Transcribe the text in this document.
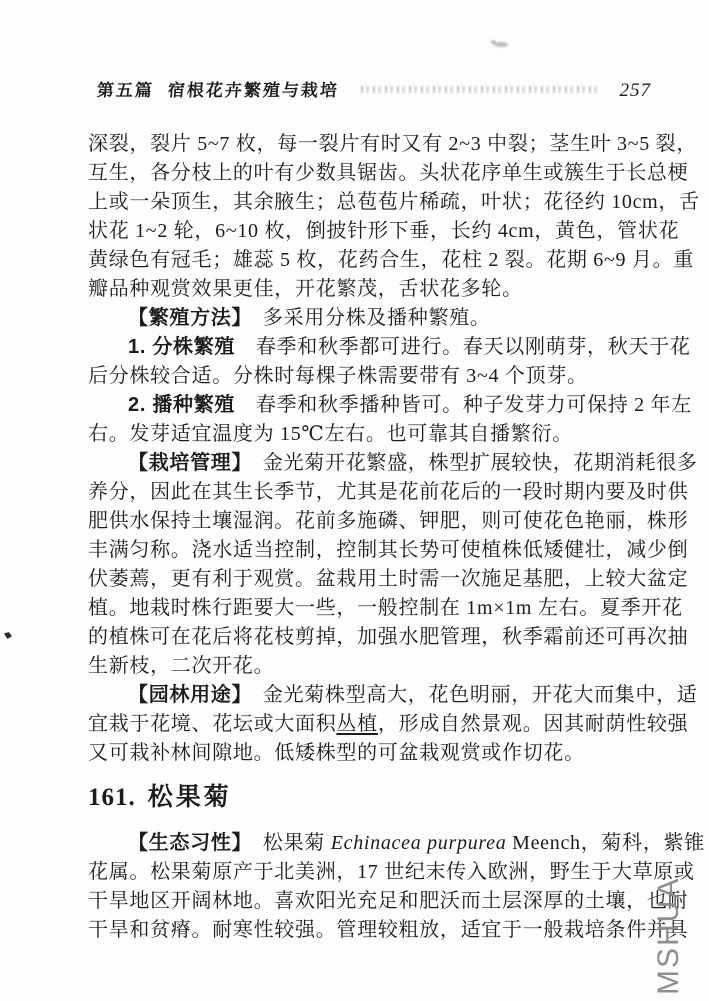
第五篇 宿根花卉繁殖与栽培	257

深裂，裂片 5~7 枚，每一裂片有时又有 2~3 中裂；茎生叶 3~5 裂，

互生，各分枝上的叶有少数具锯齿。头状花序单生或簇生于长总梗

上或一朵顶生，其余腋生；总苞苞片稀疏，叶状；花径约 10cm，舌

状花 1~2 轮，6~10 枚，倒披针形下垂，长约 4cm，黄色，管状花

黄绿色有冠毛；雄蕊 5 枚，花药合生，花柱 2 裂。花期 6~9 月。重

瓣品种观赏效果更佳，开花繁茂，舌状花多轮。

【繁殖方法】　多采用分株及播种繁殖。

1. 分株繁殖　春季和秋季都可进行。春天以刚萌芽，秋天于花

后分株较合适。分株时每棵子株需要带有 3~4 个顶芽。

2. 播种繁殖　春季和秋季播种皆可。种子发芽力可保持 2 年左

右。发芽适宜温度为 15℃左右。也可靠其自播繁衍。

【栽培管理】　金光菊开花繁盛，株型扩展较快，花期消耗很多

养分，因此在其生长季节，尤其是花前花后的一段时期内要及时供

肥供水保持土壤湿润。花前多施磷、钾肥，则可使花色艳丽，株形

丰满匀称。浇水适当控制，控制其长势可使植株低矮健壮，减少倒

伏萎蔫，更有利于观赏。盆栽用土时需一次施足基肥，上较大盆定

植。地栽时株行距要大一些，一般控制在 1m×1m 左右。夏季开花

的植株可在花后将花枝剪掉，加强水肥管理，秋季霜前还可再次抽

生新枝，二次开花。

【园林用途】　金光菊株型高大，花色明丽，开花大而集中，适

宜栽于花境、花坛或大面积丛植，形成自然景观。因其耐荫性较强

又可栽补林间隙地。低矮株型的可盆栽观赏或作切花。

161. 松果菊

【生态习性】　松果菊 Echinacea purpurea Meench，菊科，紫锥

花属。松果菊原产于北美洲，17 世纪末传入欧洲，野生于大草原或

干旱地区开阔林地。喜欢阳光充足和肥沃而土层深厚的土壤，也耐

干旱和贫瘠。耐寒性较强。管理较粗放，适宜于一般栽培条件并具

MSHUA
